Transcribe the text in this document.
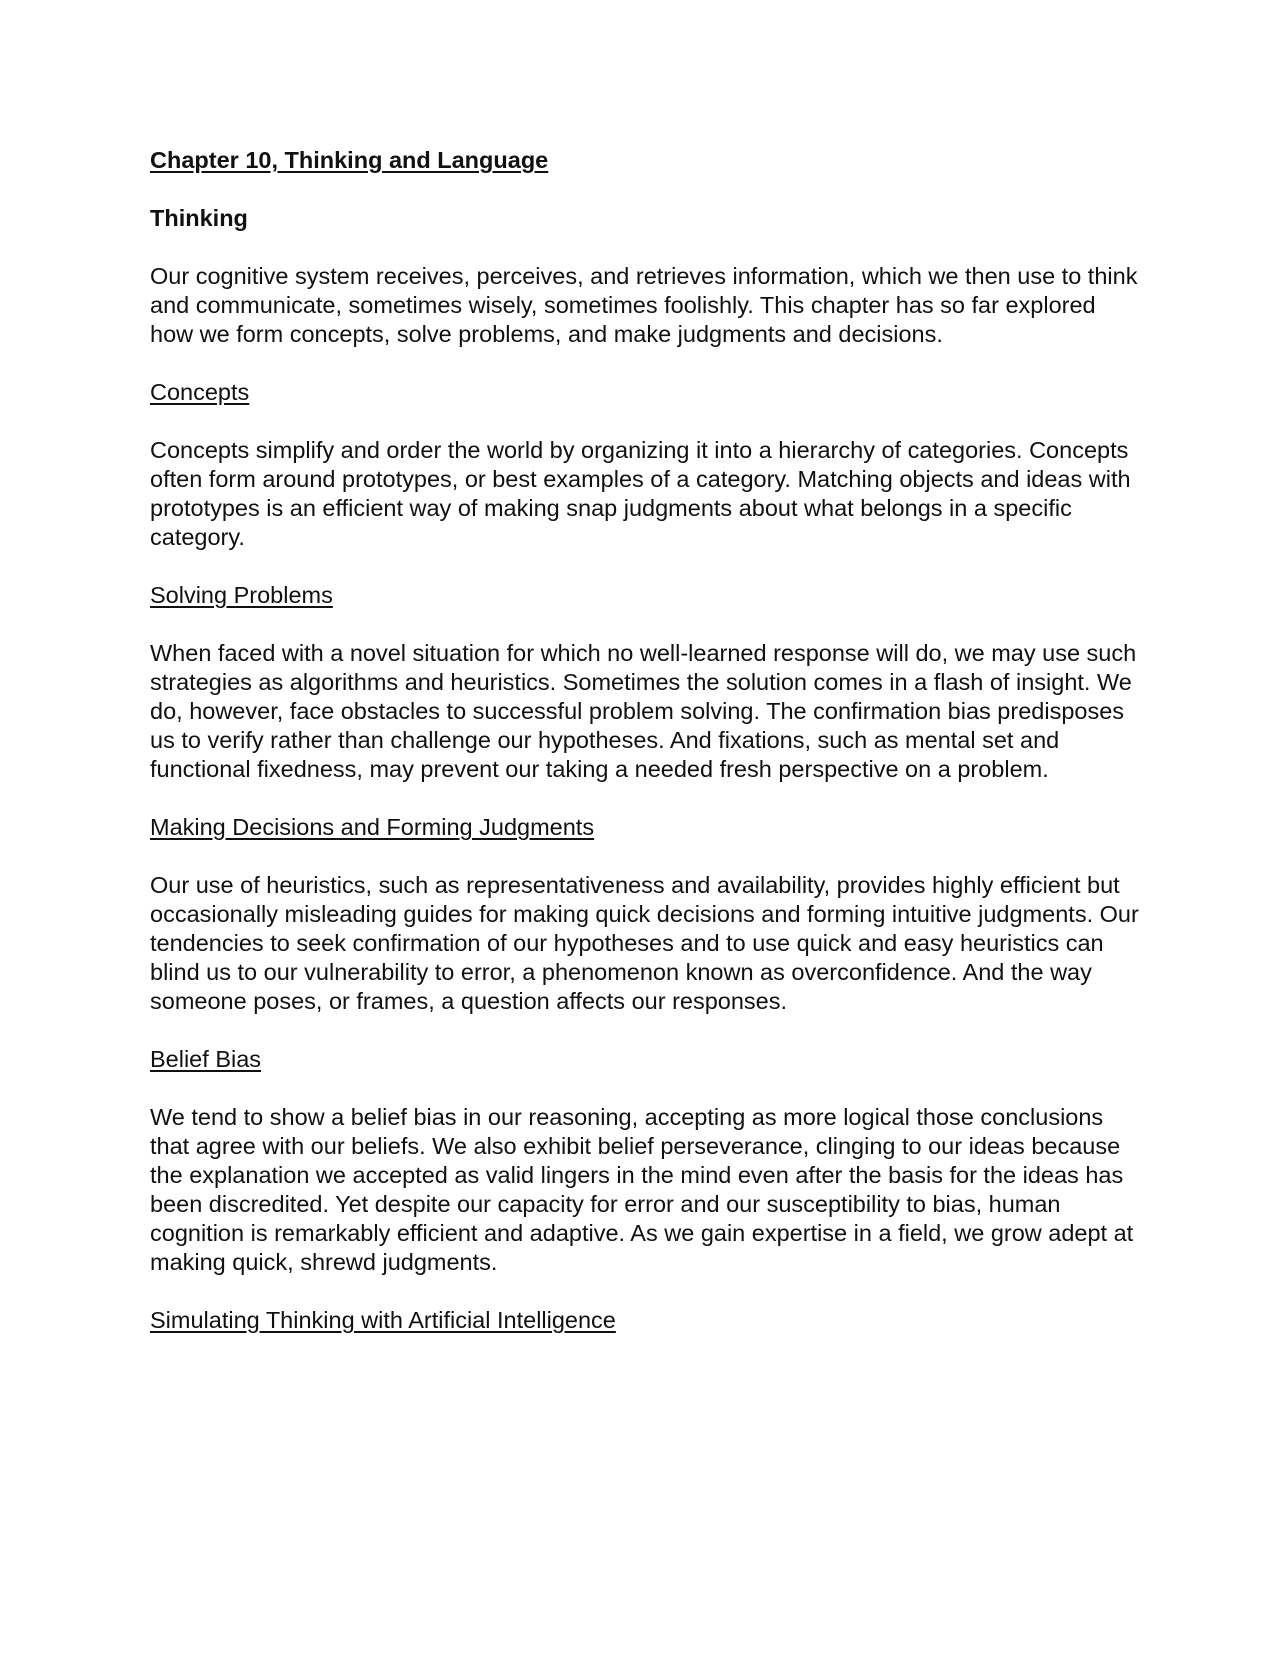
Chapter 10, Thinking and Language
Thinking

Our cognitive system receives, perceives, and retrieves information, which we then use to think and communicate, sometimes wisely, sometimes foolishly. This chapter has so far explored how we form concepts, solve problems, and make judgments and decisions.

Concepts

Concepts simplify and order the world by organizing it into a hierarchy of categories. Concepts often form around prototypes, or best examples of a category. Matching objects and ideas with prototypes is an efficient way of making snap judgments about what belongs in a specific category.

Solving Problems

When faced with a novel situation for which no well-learned response will do, we may use such strategies as algorithms and heuristics. Sometimes the solution comes in a flash of insight. We do, however, face obstacles to successful problem solving. The confirmation bias predisposes us to verify rather than challenge our hypotheses. And fixations, such as mental set and functional fixedness, may prevent our taking a needed fresh perspective on a problem.

Making Decisions and Forming Judgments

Our use of heuristics, such as representativeness and availability, provides highly efficient but occasionally misleading guides for making quick decisions and forming intuitive judgments. Our tendencies to seek confirmation of our hypotheses and to use quick and easy heuristics can blind us to our vulnerability to error, a phenomenon known as overconfidence. And the way someone poses, or frames, a question affects our responses.

Belief Bias

We tend to show a belief bias in our reasoning, accepting as more logical those conclusions that agree with our beliefs. We also exhibit belief perseverance, clinging to our ideas because the explanation we accepted as valid lingers in the mind even after the basis for the ideas has been discredited. Yet despite our capacity for error and our susceptibility to bias, human cognition is remarkably efficient and adaptive. As we gain expertise in a field, we grow adept at making quick, shrewd judgments.

Simulating Thinking with Artificial Intelligence
